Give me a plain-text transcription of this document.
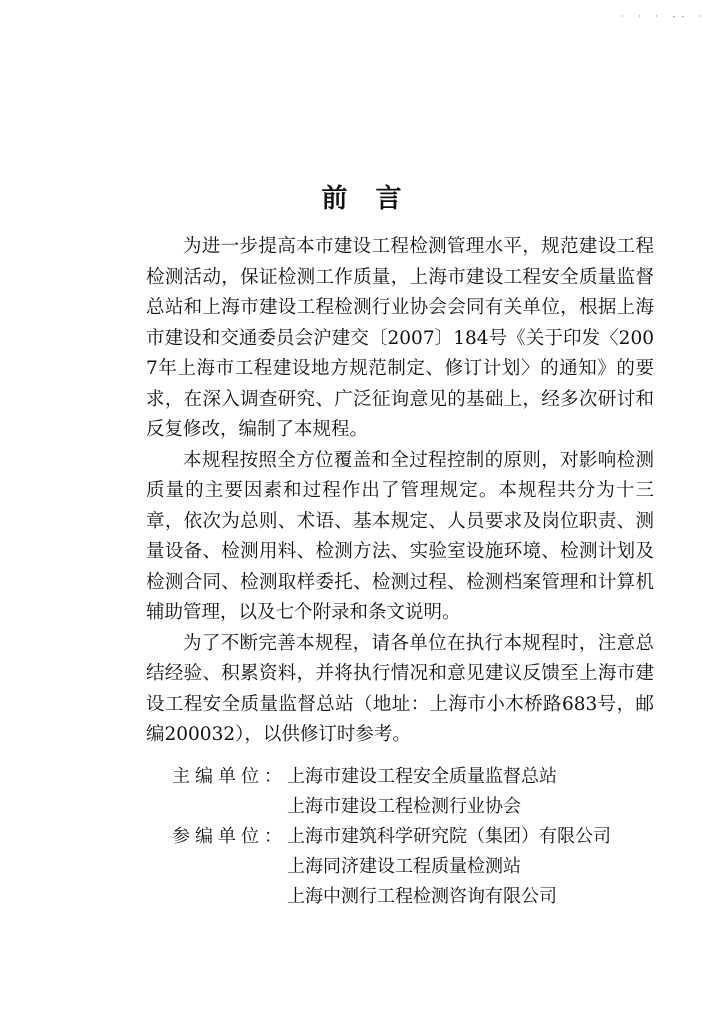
· · · -- ·
前言

为进一步提高本市建设工程检测管理水平，规范建设工程检测活动，保证检测工作质量，上海市建设工程安全质量监督总站和上海市建设工程检测行业协会会同有关单位，根据上海市建设和交通委员会沪建交〔2007〕184号《关于印发〈2007年上海市工程建设地方规范制定、修订计划〉的通知》的要求，在深入调查研究、广泛征询意见的基础上，经多次研讨和反复修改，编制了本规程。

本规程按照全方位覆盖和全过程控制的原则，对影响检测质量的主要因素和过程作出了管理规定。本规程共分为十三章，依次为总则、术语、基本规定、人员要求及岗位职责、测量设备、检测用料、检测方法、实验室设施环境、检测计划及检测合同、检测取样委托、检测过程、检测档案管理和计算机辅助管理，以及七个附录和条文说明。

为了不断完善本规程，请各单位在执行本规程时，注意总结经验、积累资料，并将执行情况和意见建议反馈至上海市建设工程安全质量监督总站（地址：上海市小木桥路683号，邮编200032），以供修订时参考。

主编单位： 上海市建设工程安全质量监督总站
上海市建设工程检测行业协会
参编单位： 上海市建筑科学研究院（集团）有限公司
上海同济建设工程质量检测站
上海中测行工程检测咨询有限公司
